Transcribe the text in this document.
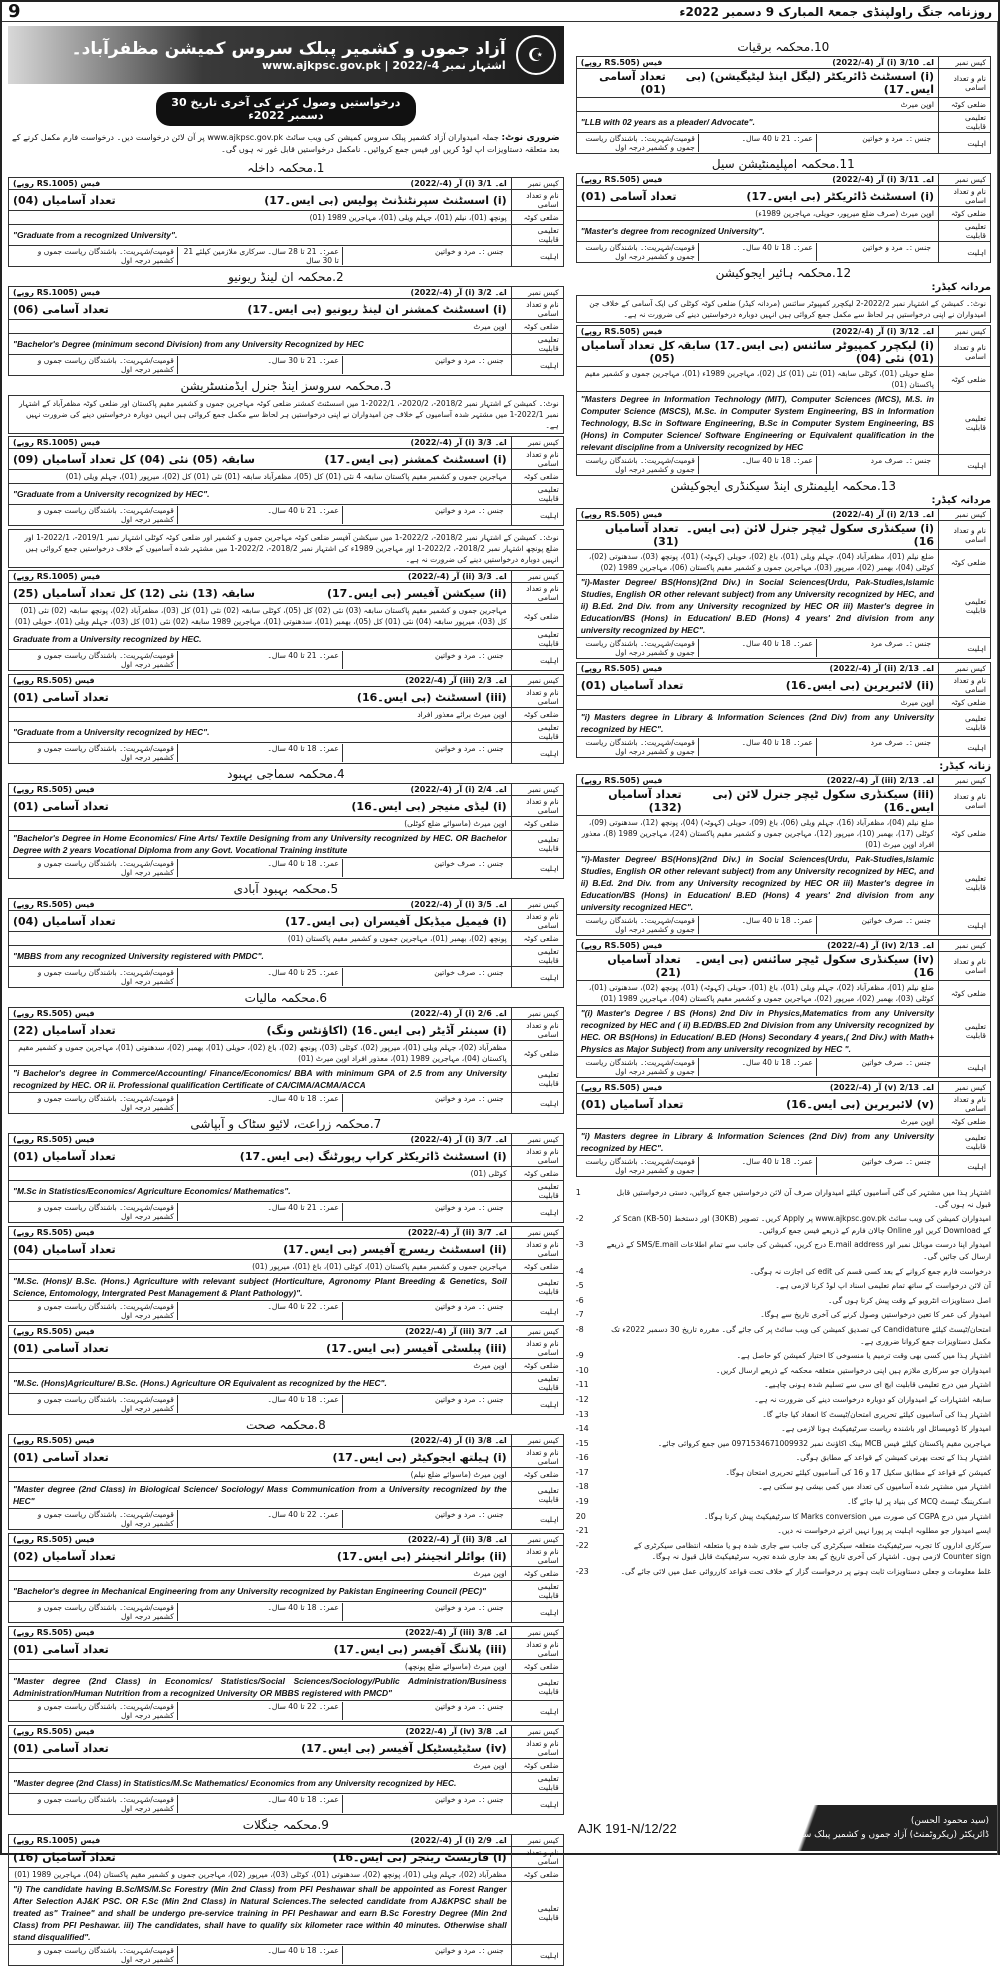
روزنامہ جنگ راولپنڈی جمعۃ المبارک 9 دسمبر 2022ء
9
☪
آزاد جموں و کشمیر پبلک سروس کمیشن مظفرآباد۔
www.ajkpsc.gov.pk | اشتہار نمبر 4-/2022
درخواستیں وصول کرنے کی آخری تاریخ 30 دسمبر 2022ء
ضروری نوٹ: جملہ امیدواران آزاد کشمیر پبلک سروس کمیشن کی ویب سائٹ www.ajkpsc.gov.pk پر آن لائن درخواست دیں۔ درخواست فارم مکمل کرنے کے بعد متعلقہ دستاویزات اپ لوڈ کریں اور فیس جمع کروائیں۔ نامکمل درخواستیں قابل غور نہ ہوں گی۔
1.محکمہ داخلہ
کیس نمبر	اے۔ 3/1 (i) آر (4-/2022)
فیس (RS.1005 روپے)

نام و تعداد اسامی	(i) اسسٹنٹ سپرنٹنڈنٹ پولیس (بی ایس۔17)
تعداد آسامیاں (04)

ضلعی کوٹہ	پونچھ (01)، نیلم (01)، جہلم ویلی (01)، مہاجرین 1989 (01)

تعلیمی قابلیت	"Graduate from a recognized University".

اہلیت	جنس :۔ مرد و خواتین
عمر:۔ 21 تا 28 سال۔ سرکاری ملازمین کیلئے 21 تا 30 سال
قومیت/شہریت:۔ باشندگان ریاست جموں و کشمیر درجہ اول
2.محکمہ ان لینڈ ریونیو
کیس نمبر	اے۔ 3/2 (i) آر (4-/2022)
فیس (RS.1005 روپے)

نام و تعداد اسامی	(i) اسسٹنٹ کمشنر ان لینڈ ریونیو (بی ایس۔17)
تعداد آسامی (06)

ضلعی کوٹہ	اوپن میرٹ

تعلیمی قابلیت	"Bachelor's Degree (minimum second Division) from any University Recognized by HEC

اہلیت	جنس :۔ مرد و خواتین
عمر:۔ 21 تا 30 سال۔
قومیت/شہریت:۔ باشندگان ریاست جموں و کشمیر درجہ اول
3.محکمہ سروسز اینڈ جنرل ایڈمنسٹریشن
نوٹ:۔ کمیشن کے اشتہار نمبر 2018/2-، 2020/2-، 2022/1-1 میں اسسٹنٹ کمشنر ضلعی کوٹہ مہاجرین جموں و کشمیر مقیم پاکستان اور ضلعی کوٹہ مظفرآباد کے اشتہار نمبر 2022/1-1 میں مشتہر شدہ آسامیوں کے خلاف جن امیدواران نے اپنی درخواستیں ہر لحاظ سے مکمل جمع کروائی ہیں انہیں دوبارہ درخواستیں دینے کی ضرورت نہیں ہے۔
کیس نمبر	اے۔ 3/3 (i) آر (4-/2022)
فیس (RS.1005 روپے)

نام و تعداد اسامی	(i) اسسٹنٹ کمشنر (بی ایس۔17)
سابقہ (05) نئی (04) کل تعداد آسامیاں (09)

ضلعی کوٹہ	مہاجرین جموں و کشمیر مقیم پاکستان سابقہ 4 نئی (01) کل (05)، مظفرآباد سابقہ (01) نئی (01) کل (02)، میرپور (01)، جہلم ویلی (01)

تعلیمی قابلیت	"Graduate from a University recognized by HEC".

اہلیت	جنس :۔ مرد و خواتین
عمر:۔ 21 تا 40 سال۔
قومیت/شہریت:۔ باشندگان ریاست جموں و کشمیر درجہ اول
نوٹ:۔ کمیشن کے اشتہار نمبر 2018/2-، 2022/2-1 میں سیکشن آفیسر ضلعی کوٹہ مہاجرین جموں و کشمیر اور ضلعی کوٹہ کوٹلی اشتہار نمبر 2019/1-، 2022/1-1 اور ضلع پونچھ اشتہار نمبر 2018/2-، 2022/2-1 اور مہاجرین 1989ء کی اشتہار نمبر 2018/2-، 2022/2-1 میں مشتہر شدہ آسامیوں کے خلاف درخواستیں جمع کروائی ہیں انہیں دوبارہ درخواستیں دینے کی ضرورت نہ ہے۔
کیس نمبر	اے۔ 3/3 (ii) آر (4-/2022)
فیس (RS.1005 روپے)

نام و تعداد اسامی	(ii) سیکشن آفیسر (بی ایس۔17)
سابقہ (13) نئی (12) کل تعداد آسامیاں (25)

ضلعی کوٹہ	مہاجرین جموں و کشمیر مقیم پاکستان سابقہ (03) نئی (02) کل (05)، کوٹلی سابقہ (02) نئی (01) کل (03)، مظفرآباد (02)، پونچھ سابقہ (02) نئی (01) کل (03)، میرپور سابقہ (04) نئی (01) کل (05)، بھمبر (01)، سدھنوتی (01)، مہاجرین 1989 سابقہ (02) نئی (01) کل (03)، جہلم ویلی (01)، حویلی (01)

تعلیمی قابلیت	Graduate from a University recognized by HEC.

اہلیت	جنس :۔ مرد و خواتین
عمر:۔ 21 تا 40 سال۔
قومیت/شہریت:۔ باشندگان ریاست جموں و کشمیر درجہ اول
کیس نمبر	اے۔ 2/3 (iii) آر (4-/2022)
فیس (RS.505 روپے)

نام و تعداد اسامی	(iii) اسسٹنٹ (بی ایس۔16)
تعداد آسامی (01)

ضلعی کوٹہ	اوپن میرٹ برائے معذور افراد

تعلیمی قابلیت	"Graduate from a University recognized by HEC".

اہلیت	جنس :۔ مرد و خواتین
عمر:۔ 18 تا 40 سال۔
قومیت/شہریت:۔ باشندگان ریاست جموں و کشمیر درجہ اول
4.محکمہ سماجی بہبود
کیس نمبر	اے۔ 2/4 (i) آر (4-/2022)
فیس (RS.505 روپے)

نام و تعداد اسامی	(i) لیڈی منیجر (بی ایس۔16)
تعداد آسامی (01)

ضلعی کوٹہ	اوپن میرٹ (ماسوائے ضلع کوٹلی)

تعلیمی قابلیت	"Bachelor's Degree in Home Economics/ Fine Arts/ Textile Designing from any University recognized by HEC. OR Bachelor Degree with 2 years Vocational Diploma from any Govt. Vocational Training institute

اہلیت	جنس :۔ صرف خواتین
عمر:۔ 18 تا 40 سال۔
قومیت/شہریت:۔ باشندگان ریاست جموں و کشمیر درجہ اول
5.محکمہ بہبود آبادی
کیس نمبر	اے۔ 3/5 (i) آر (4-/2022)
فیس (RS.505 روپے)

نام و تعداد اسامی	(i) فیمیل میڈیکل آفیسران (بی ایس۔17)
تعداد آسامیاں (04)

ضلعی کوٹہ	پونچھ (02)، بھمبر (01)، مہاجرین جموں و کشمیر مقیم پاکستان (01)

تعلیمی قابلیت	"MBBS from any recognized University registered with PMDC".

اہلیت	جنس :۔ صرف خواتین
عمر:۔ 25 تا 40 سال۔
قومیت/شہریت:۔ باشندگان ریاست جموں و کشمیر درجہ اول
6.محکمہ مالیات
کیس نمبر	اے۔ 2/6 (i) آر (4-/2022)
فیس (RS.505 روپے)

نام و تعداد اسامی	(i) سینئر آڈیٹر (بی ایس۔16) (اکاؤنٹس ونگ)
تعداد آسامیاں (22)

ضلعی کوٹہ	مظفرآباد (02)، جہلم ویلی (01)، میرپور (02)، کوٹلی (03)، پونچھ (02)، باغ (02)، حویلی (01)، بھمبر (02)، سدھنوتی (01)، مہاجرین جموں و کشمیر مقیم پاکستان (04)، مہاجرین 1989 (01)، معذور افراد اوپن میرٹ (01)

تعلیمی قابلیت	"i Bachelor's degree in Commerce/Accounting/ Finance/Economics/ BBA with minimum GPA of 2.5 from any University recognized by HEC. OR ii. Professional qualification Certificate of CA/CIMA/ACMA/ACCA

اہلیت	جنس :۔ مرد و خواتین
عمر:۔ 18 تا 40 سال۔
قومیت/شہریت:۔ باشندگان ریاست جموں و کشمیر درجہ اول
7.محکمہ زراعت، لائیو سٹاک و آبپاشی
کیس نمبر	اے۔ 3/7 (i) آر (4-/2022)
فیس (RS.505 روپے)

نام و تعداد اسامی	(i) اسسٹنٹ ڈائریکٹر کراپ رپورٹنگ (بی ایس۔17)
تعداد آسامیاں (01)

ضلعی کوٹہ	کوٹلی (01)

تعلیمی قابلیت	"M.Sc in Statistics/Economics/ Agriculture Economics/ Mathematics".

اہلیت	جنس :۔ مرد و خواتین
عمر:۔ 21 تا 40 سال۔
قومیت/شہریت:۔ باشندگان ریاست جموں و کشمیر درجہ اول
کیس نمبر	اے۔ 3/7 (ii) آر (4-/2022)
فیس (RS.505 روپے)

نام و تعداد اسامی	(ii) اسسٹنٹ ریسرچ آفیسر (بی ایس۔17)
تعداد آسامیاں (04)

ضلعی کوٹہ	مہاجرین جموں و کشمیر مقیم پاکستان (01)، کوٹلی (01)، باغ (01)، میرپور (01)

تعلیمی قابلیت	"M.Sc. (Hons)/ B.Sc. (Hons.) Agriculture with relevant subject (Horticulture, Agronomy Plant Breeding & Genetics, Soil Science, Entomology, Intergrated Pest Management & Plant Pathology)".

اہلیت	جنس :۔ مرد و خواتین
عمر:۔ 22 تا 40 سال۔
قومیت/شہریت:۔ باشندگان ریاست جموں و کشمیر درجہ اول
کیس نمبر	اے۔ 3/7 (iii) آر (4-/2022)
فیس (RS.505 روپے)

نام و تعداد اسامی	(iii) پبلسٹی آفیسر (بی ایس۔17)
تعداد آسامی (01)

ضلعی کوٹہ	اوپن میرٹ

تعلیمی قابلیت	"M.Sc. (Hons)Agriculture/ B.Sc. (Hons.) Agriculture OR Equivalent as recognized by the HEC".

اہلیت	جنس :۔ مرد و خواتین
عمر:۔ 18 تا 40 سال۔
قومیت/شہریت:۔ باشندگان ریاست جموں و کشمیر درجہ اول
8.محکمہ صحت
کیس نمبر	اے۔ 3/8 (i) آر (4-/2022)
فیس (RS.505 روپے)

نام و تعداد اسامی	(i) ہیلتھ ایجوکیٹر (بی ایس۔17)
تعداد آسامی (01)

ضلعی کوٹہ	اوپن میرٹ (ماسوائے ضلع نیلم)

تعلیمی قابلیت	"Master degree (2nd Class) in Biological Science/ Sociology/ Mass Communication from a University recognized by the HEC"

اہلیت	جنس :۔ مرد و خواتین
عمر:۔ 22 تا 40 سال۔
قومیت/شہریت:۔ باشندگان ریاست جموں و کشمیر درجہ اول
کیس نمبر	اے۔ 3/8 (ii) آر (4-/2022)
فیس (RS.505 روپے)

نام و تعداد اسامی	(ii) بوائلر انجینئر (بی ایس۔17)
تعداد آسامیاں (02)

ضلعی کوٹہ	اوپن میرٹ

تعلیمی قابلیت	"Bachelor's degree in Mechanical Engineering from any University recognized by Pakistan Engineering Council (PEC)"

اہلیت	جنس :۔ مرد و خواتین
عمر:۔ 18 تا 40 سال۔
قومیت/شہریت:۔ باشندگان ریاست جموں و کشمیر درجہ اول
کیس نمبر	اے۔ 3/8 (iii) آر (4-/2022)
فیس (RS.505 روپے)

نام و تعداد اسامی	(iii) پلاننگ آفیسر (بی ایس۔17)
تعداد آسامی (01)

ضلعی کوٹہ	اوپن میرٹ (ماسوائے ضلع پونچھ)

تعلیمی قابلیت	"Master degree (2nd Class) in Economics/ Statistics/Social Sciences/Sociology/Public Administration/Business Administration/Human Nutrition from a recognized University OR MBBS registered with PMCD"

اہلیت	جنس :۔ مرد و خواتین
عمر:۔ 22 تا 40 سال۔
قومیت/شہریت:۔ باشندگان ریاست جموں و کشمیر درجہ اول
کیس نمبر	اے۔ 3/8 (iv) آر (4-/2022)
فیس (RS.505 روپے)

نام و تعداد اسامی	(iv) سٹیٹیسٹیکل آفیسر (بی ایس۔17)
تعداد آسامی (01)

ضلعی کوٹہ	اوپن میرٹ

تعلیمی قابلیت	"Master degree (2nd Class) in Statistics/M.Sc Mathematics/ Economics from any University recognized by HEC.

اہلیت	جنس :۔ مرد و خواتین
عمر:۔ 18 تا 40 سال۔
قومیت/شہریت:۔ باشندگان ریاست جموں و کشمیر درجہ اول
9.محکمہ جنگلات
کیس نمبر	اے۔ 2/9 (i) آر (4-/2022)
فیس (RS.1005 روپے)

نام و تعداد اسامی	(i) فاریسٹ رینجر (بی ایس۔16)
تعداد آسامیاں (16)

ضلعی کوٹہ	مظفرآباد (02)، جہلم ویلی (01)، پونچھ (02)، سدھنوتی (01)، کوٹلی (03)، میرپور (02)، مہاجرین جموں و کشمیر مقیم پاکستان (04)، مہاجرین 1989 (01)

تعلیمی قابلیت	"i) The candidate having B.Sc/MS/M.Sc Forestry (Min 2nd Class) from PFI Peshawar shall be appointed as Forest Ranger After Selection AJ&K PSC. OR F.Sc (Min 2nd Class) in Natural Sciences.The selected candidate from AJ&KPSC shall be treated as" Trainee" and shall be undergo pre-service training in PFI Peshawar and earn B.Sc Forestry Degree (Min 2nd Class) from PFI Peshawar. iii) The candidates, shall have to qualify six kilometer race within 40 minutes. Otherwise shall stand disqualified".

اہلیت	جنس :۔ مرد و خواتین
عمر:۔ 18 تا 40 سال۔
قومیت/شہریت:۔ باشندگان ریاست جموں و کشمیر درجہ اول
10.محکمہ برقیات
کیس نمبر	اے۔ 3/10 (i) آر (4-/2022)
فیس (RS.505 روپے)

نام و تعداد اسامی	(i) اسسٹنٹ ڈائریکٹر (لیگل اینڈ لیٹیگیشن) (بی ایس۔17)
تعداد آسامی (01)

ضلعی کوٹہ	اوپن میرٹ

تعلیمی قابلیت	"LLB with 02 years as a pleader/ Advocate".

اہلیت	جنس :۔ مرد و خواتین
عمر:۔ 21 تا 40 سال۔
قومیت/شہریت:۔ باشندگان ریاست جموں و کشمیر درجہ اول
11.محکمہ امپلیمنٹیشن سیل
کیس نمبر	اے۔ 3/11 (i) آر (4-/2022)
فیس (RS.505 روپے)

نام و تعداد اسامی	(i) اسسٹنٹ ڈائریکٹر (بی ایس۔17)
تعداد آسامی (01)

ضلعی کوٹہ	اوپن میرٹ (صرف ضلع میرپور، حویلی، مہاجرین 1989ء)

تعلیمی قابلیت	"Master's degree from recognized University".

اہلیت	جنس :۔ مرد و خواتین
عمر:۔ 18 تا 40 سال۔
قومیت/شہریت:۔ باشندگان ریاست جموں و کشمیر درجہ اول
12.محکمہ ہائیر ایجوکیشن
مردانہ کیڈر:
نوٹ:۔ کمیشن کے اشتہار نمبر 2022/2-2 لیکچرر کمپیوٹر سائنس (مردانہ کیڈر) ضلعی کوٹہ کوٹلی کی ایک آسامی کے خلاف جن امیدواران نے اپنی درخواستیں ہر لحاظ سے مکمل جمع کروائی ہیں انہیں دوبارہ درخواستیں دینے کی ضرورت نہ ہے۔
کیس نمبر	اے۔ 3/12 (i) آر (4-/2022)
فیس (RS.505 روپے)

نام و تعداد اسامی	(i) لیکچرر کمپیوٹر سائنس (بی ایس۔17) سابقہ (01) نئی (04)
کل تعداد آسامیاں (05)

ضلعی کوٹہ	ضلع حویلی (01)، کوٹلی سابقہ (01) نئی (01) کل (02)، مہاجرین 1989ء (01)، مہاجرین جموں و کشمیر مقیم پاکستان (01)

تعلیمی قابلیت	"Masters Degree in Information Technology (MIT), Computer Sciences (MCS), M.S. in Computer Science (MSCS), M.Sc. in Computer System Engineering, BS in Information Technology, B.Sc in Software Engineering, B.Sc in Computer System Engineering, BS (Hons) in Computer Science/ Software Engineering or Equivalent qualification in the relevant discipline from a University recognized by HEC

اہلیت	جنس :۔ صرف مرد
عمر:۔ 18 تا 40 سال۔
قومیت/شہریت:۔ باشندگان ریاست جموں و کشمیر درجہ اول
13.محکمہ ایلیمنٹری اینڈ سیکنڈری ایجوکیشن
مردانہ کیڈر:
کیس نمبر	اے۔ 2/13 (i) آر (4-/2022)
فیس (RS.505 روپے)

نام و تعداد اسامی	(i) سیکنڈری سکول ٹیچر جنرل لائن (بی ایس۔16)
تعداد آسامیاں (31)

ضلعی کوٹہ	ضلع نیلم (01)، مظفرآباد (04)، جہلم ویلی (01)، باغ (02)، حویلی (کہوٹہ) (01)، پونچھ (03)، سدھنوتی (02)، کوٹلی (04)، بھمبر (02)، میرپور (03)، مہاجرین جموں و کشمیر مقیم پاکستان (06)، مہاجرین 1989 (02)

تعلیمی قابلیت	"i)-Master Degree/ BS(Hons)(2nd Div.) in Social Sciences(Urdu, Pak-Studies,Islamic Studies, English OR other relevant subject) from any University recognized by HEC, and ii) B.Ed. 2nd Div. from any University recognized by HEC OR iii) Master's degree in Education/BS (Hons) in Education/ B.ED (Hons) 4 years' 2nd division from any university recognized by HEC".

اہلیت	جنس :۔ صرف مرد
عمر:۔ 18 تا 40 سال۔
قومیت/شہریت:۔ باشندگان ریاست جموں و کشمیر درجہ اول
کیس نمبر	اے۔ 2/13 (ii) آر (4-/2022)
فیس (RS.505 روپے)

نام و تعداد اسامی	(ii) لائبریرین (بی ایس۔16)
تعداد آسامیاں (01)

ضلعی کوٹہ	اوپن میرٹ

تعلیمی قابلیت	"i) Masters degree in Library & Information Sciences (2nd Div) from any University recognized by HEC".

اہلیت	جنس :۔ صرف مرد
عمر:۔ 18 تا 40 سال۔
قومیت/شہریت:۔ باشندگان ریاست جموں و کشمیر درجہ اول
زنانہ کیڈر:
کیس نمبر	اے۔ 2/13 (iii) آر (4-/2022)
فیس (RS.505 روپے)

نام و تعداد اسامی	(iii) سیکنڈری سکول ٹیچر جنرل لائن (بی ایس۔16)
تعداد آسامیاں (132)

ضلعی کوٹہ	ضلع نیلم (04)، مظفرآباد (16)، جہلم ویلی (06)، باغ (09)، حویلی (کہوٹہ) (04)، پونچھ (12)، سدھنوتی (09)، کوٹلی (17)، بھمبر (10)، میرپور (12)، مہاجرین جموں و کشمیر مقیم پاکستان (24)، مہاجرین 1989 (8)، معذور افراد اوپن میرٹ (01)

تعلیمی قابلیت	"i)-Master Degree/ BS(Hons)(2nd Div.) in Social Sciences(Urdu, Pak-Studies,Islamic Studies, English OR other relevant subject) from any University recognized by HEC, and ii) B.Ed. 2nd Div. from any University recognized by HEC OR iii) Master's degree in Education/BS (Hons) in Education/ B.ED (Hons) 4 years' 2nd division from any university recognized HEC".

اہلیت	جنس :۔ صرف خواتین
عمر:۔ 18 تا 40 سال۔
قومیت/شہریت:۔ باشندگان ریاست جموں و کشمیر درجہ اول
کیس نمبر	اے۔ 2/13 (iv) آر (4-/2022)
فیس (RS.505 روپے)

نام و تعداد اسامی	(iv) سیکنڈری سکول ٹیچر سائنس (بی ایس۔16)
تعداد آسامیاں (21)

ضلعی کوٹہ	ضلع نیلم (01)، مظفرآباد (02)، جہلم ویلی (01)، باغ (01)، حویلی (کہوٹہ) (01)، پونچھ (02)، سدھنوتی (01)، کوٹلی (03)، بھمبر (02)، میرپور (02)، مہاجرین جموں و کشمیر مقیم پاکستان (04)، مہاجرین 1989 (01)

تعلیمی قابلیت	"(i) Master's Degree / BS (Hons) 2nd Div in Physics,Matematics from any University recognized by HEC and ( ii) B.ED/BS.ED 2nd Division from any University recognized by HEC. OR BS(Hons) in Education/ B.ED (Hons) Secondary 4 years,( 2nd Div.) with Math+ Physics as Major Subject) from any university recognized by HEC ".

اہلیت	جنس :۔ صرف خواتین
عمر:۔ 18 تا 40 سال۔
قومیت/شہریت:۔ باشندگان ریاست جموں و کشمیر درجہ اول
کیس نمبر	اے۔ 2/13 (v) آر (4-/2022)
فیس (RS.505 روپے)

نام و تعداد اسامی	(v) لائبریرین (بی ایس۔16)
تعداد آسامیاں (01)

ضلعی کوٹہ	اوپن میرٹ

تعلیمی قابلیت	"i) Masters degree in Library & Information Sciences (2nd Div) from any University recognized by HEC".

اہلیت	جنس :۔ صرف خواتین
عمر:۔ 18 تا 40 سال۔
قومیت/شہریت:۔ باشندگان ریاست جموں و کشمیر درجہ اول
اشتہار ہذا میں مشتہر کی گئی آسامیوں کیلئے امیدواران صرف آن لائن درخواستیں جمع کروائیں، دستی درخواستیں قابل قبول نہ ہوں گی۔
1
امیدواران کمیشن کی ویب سائٹ www.ajkpsc.gov.pk پر Apply کریں۔ تصویر (30KB) اور دستخط (50-KB) Scan کر کے Download کریں اور Online چالان فارم کے ذریعے فیس جمع کروائیں۔
-2
امیدوار اپنا درست موبائل نمبر اور E.mail address درج کریں، کمیشن کی جانب سے تمام اطلاعات SMS/E.mail کے ذریعے ارسال کی جائیں گی۔
-3
درخواست فارم جمع کروانے کے بعد کسی قسم کی edit کی اجازت نہ ہوگی۔
-4
آن لائن درخواست کے ساتھ تمام تعلیمی اسناد اپ لوڈ کرنا لازمی ہے۔
-5
اصل دستاویزات انٹرویو کے وقت پیش کرنا ہوں گی۔
-6
امیدوار کی عمر کا تعین درخواستیں وصول کرنے کی آخری تاریخ سے ہوگا۔
-7
امتحان/ٹیسٹ کیلئے Candidature کی تصدیق کمیشن کی ویب سائٹ پر کی جائے گی۔ مقررہ تاریخ 30 دسمبر 2022ء تک مکمل دستاویزات جمع کروانا ضروری ہے۔
-8
اشتہار ہذا میں کسی بھی وقت ترمیم یا منسوخی کا اختیار کمیشن کو حاصل ہے۔
-9
امیدواران جو سرکاری ملازم ہیں اپنی درخواستیں متعلقہ محکمہ کے ذریعے ارسال کریں۔
-10
اشتہار میں درج تعلیمی قابلیت ایچ ای سی سے تسلیم شدہ ہونی چاہیے۔
-11
سابقہ اشتہارات کے امیدواران کو دوبارہ درخواست دینے کی ضرورت نہ ہے۔
-12
اشتہار ہذا کی آسامیوں کیلئے تحریری امتحان/ٹیسٹ کا انعقاد کیا جائے گا۔
-13
امیدوار کا ڈومیسائل اور باشندہ ریاست سرٹیفیکیٹ ہونا لازمی ہے۔
-14
مہاجرین مقیم پاکستان کیلئے فیس MCB بینک اکاؤنٹ نمبر 0971534671009932 میں جمع کروائی جائے۔
-15
اشتہار ہذا کے تحت بھرتی کمیشن کے قواعد کے مطابق ہوگی۔
-16
کمیشن کے قواعد کے مطابق سکیل 17 و 16 کی آسامیوں کیلئے تحریری امتحان ہوگا۔
-17
اشتہار میں مشتہر شدہ آسامیوں کی تعداد میں کمی بیشی ہو سکتی ہے۔
-18
اسکریننگ ٹیسٹ MCQ کی بنیاد پر لیا جائے گا۔
-19
اشتہار میں درج CGPA کی صورت میں Marks conversion کا سرٹیفیکیٹ پیش کرنا ہوگا۔
20
ایسے امیدوار جو مطلوبہ اہلیت پر پورا نہیں اترتے درخواست نہ دیں۔
-21
سرکاری اداروں کا تجربہ سرٹیفیکیٹ متعلقہ سیکرٹری کی جانب سے جاری شدہ ہو یا متعلقہ انتظامی سیکرٹری کے Counter sign لازمی ہوں۔ اشتہار کی آخری تاریخ کے بعد جاری شدہ تجربہ سرٹیفیکیٹ قابل قبول نہ ہوگا۔
-22
غلط معلومات و جعلی دستاویزات ثابت ہونے پر درخواست گزار کے خلاف تحت قواعد کارروائی عمل میں لائی جائے گی۔
-23
AJK 191-N/12/22	(سید محمود الحسن)
ڈائریکٹر (ریکروٹمنٹ) آزاد جموں و کشمیر پبلک سروس کمیشن
